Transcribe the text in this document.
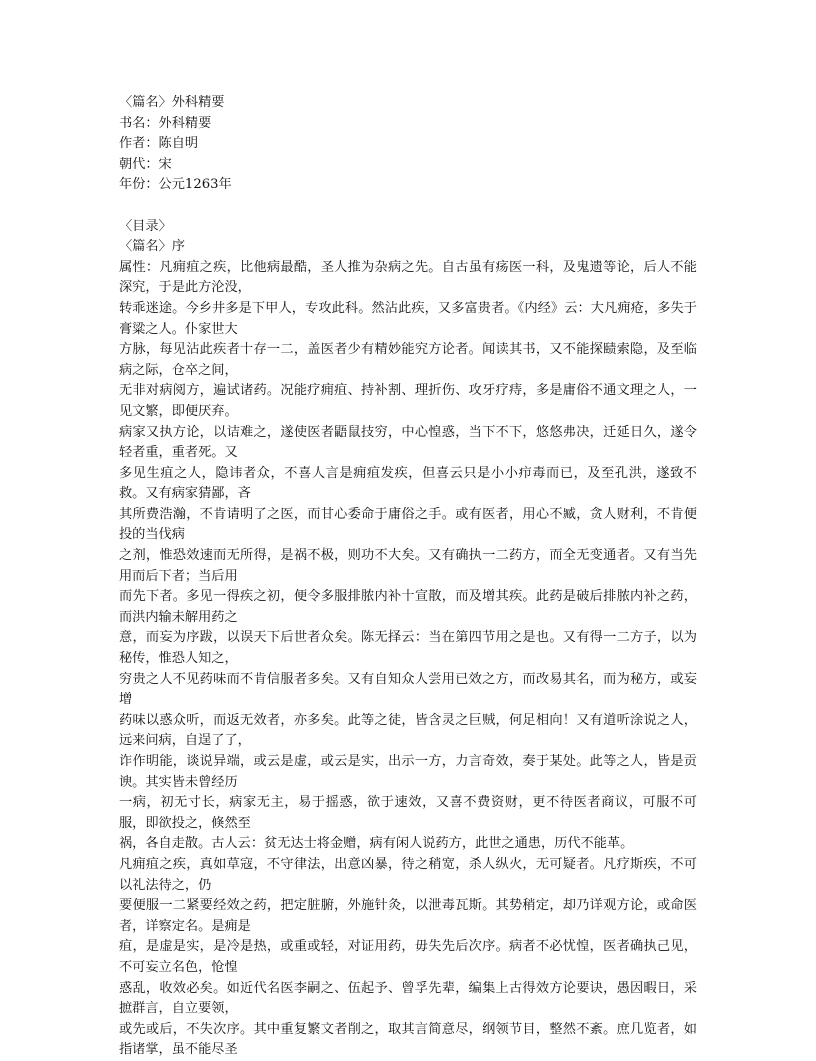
〈篇名〉外科精要
书名：外科精要
作者：陈自明
朝代：宋
年份：公元1263年
〈目录〉
〈篇名〉序
属性：凡痈疽之疾，比他病最酷，圣人推为杂病之先。自古虽有疡医一科，及鬼遗等论，后人不能深究，于是此方沦没，
转乖迷途。今乡井多是下甲人，专攻此科。然沾此疾，又多富贵者。《内经》云：大凡痈疮，多失于膏粱之人。仆家世大
方脉，每见沾此疾者十存一二，盖医者少有精妙能究方论者。闻读其书，又不能探赜索隐，及至临病之际，仓卒之间，
无非对病阅方，遍试诸药。况能疗痈疽、持补割、理折伤、攻牙疗痔，多是庸俗不通文理之人，一见文繁，即便厌弃。
病家又执方论，以诘难之，遂使医者鼯鼠技穷，中心惶惑，当下不下，悠悠弗决，迁延日久，遂令轻者重，重者死。又
多见生疽之人，隐讳者众，不喜人言是痈疽发疾，但喜云只是小小疖毒而已，及至孔洪，遂致不救。又有病家猜鄙，吝
其所费浩瀚，不肯请明了之医，而甘心委命于庸俗之手。或有医者，用心不臧，贪人财利，不肯便投的当伐病
之剂，惟恐效速而无所得，是祸不极，则功不大矣。又有确执一二药方，而全无变通者。又有当先用而后下者；当后用
而先下者。多见一得疾之初，便令多服排脓内补十宣散，而及增其疾。此药是破后排脓内补之药，而洪内输未解用药之
意，而妄为序跋，以误天下后世者众矣。陈无择云：当在第四节用之是也。又有得一二方子，以为秘传，惟恐人知之，
穷贵之人不见药味而不肯信服者多矣。又有自知众人尝用已效之方，而改易其名，而为秘方，或妄增
药味以惑众听，而返无效者，亦多矣。此等之徒，皆含灵之巨贼，何足相向！又有道听涂说之人，远来问病，自逞了了，
诈作明能，谈说异端，或云是虚，或云是实，出示一方，力言奇效，奏于某处。此等之人，皆是贡谀。其实皆未曾经历
一病，初无寸长，病家无主，易于摇惑，欲于速效，又喜不费资财，更不待医者商议，可服不可服，即欲投之，倏然至
祸，各自走散。古人云：贫无达士将金赠，病有闲人说药方，此世之通患，历代不能革。
凡痈疽之疾，真如草寇，不守律法，出意凶暴，待之稍宽，杀人纵火，无可疑者。凡疗斯疾，不可以礼法待之，仍
要便服一二紧要经效之药，把定脏腑，外施针灸，以泄毒瓦斯。其势稍定，却乃详观方论，或命医者，详察定名。是痈是
疽，是虚是实，是冷是热，或重或轻，对证用药，毋失先后次序。病者不必忧惶，医者确执己见，不可妄立名色，怆惶
惑乱，收效必矣。如近代名医李嗣之、伍起予、曾孚先辈，编集上古得效方论要诀，愚因暇日，采摭群言，自立要领，
或先或后，不失次序。其中重复繁文者削之，取其言简意尽，纲领节目，整然不紊。庶几览者，如指诸掌，虽不能尽圣
